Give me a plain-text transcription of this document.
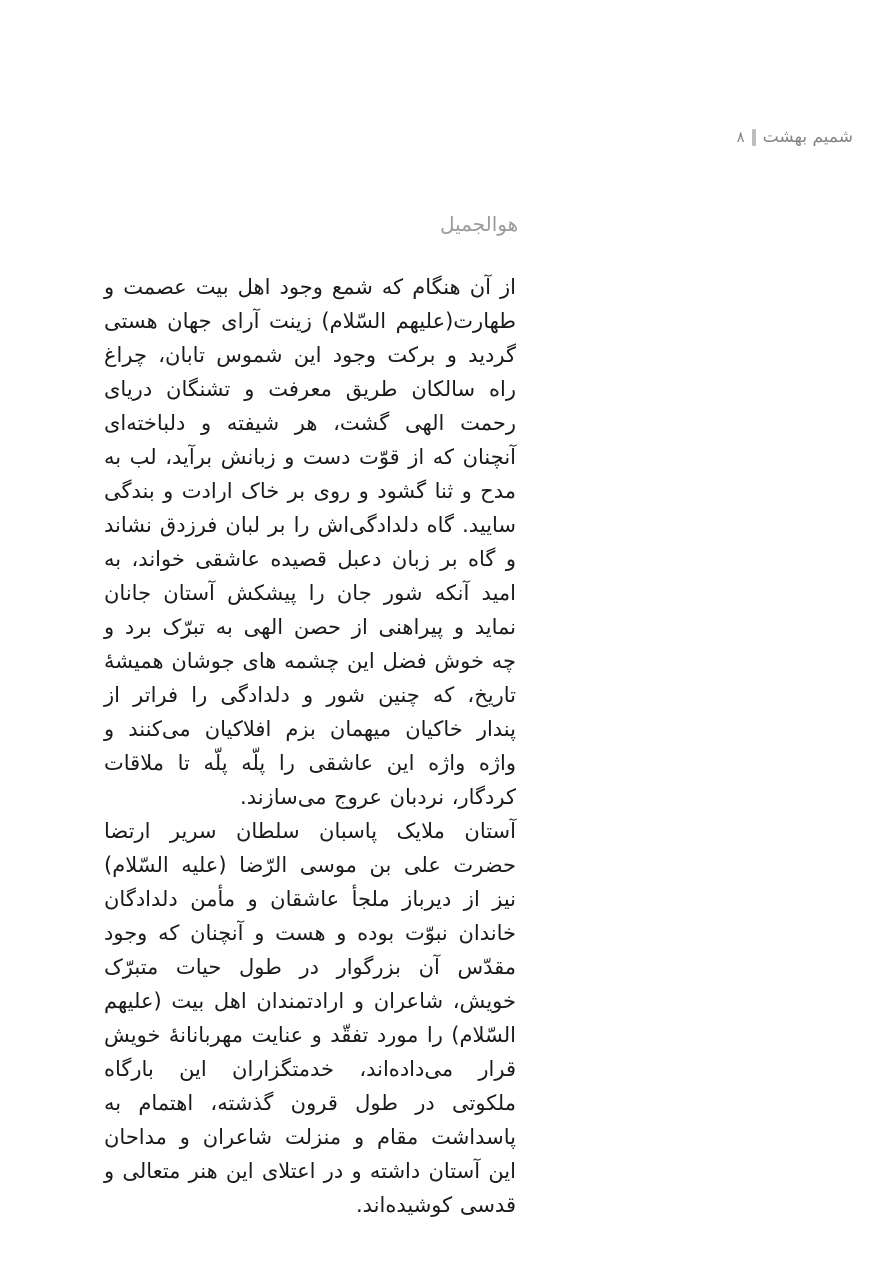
شمیم بهشت
۸
هوالجمیل

از آن هنگام که شمع وجود اهل بیت عصمت و طهارت(علیهم السّلام) زینت آرای جهان هستی گردید و برکت وجود این شموس تابان، چراغ راه سالکان طریق معرفت و تشنگان دریای رحمت الهی گشت، هر شیفته و دلباخته‌ای آنچنان که از قوّت دست و زبانش برآید، لب به مدح و ثنا گشود و روی بر خاک ارادت و بندگی سایید. گاه دلدادگی‌اش را بر لبان فرزدق نشاند و گاه بر زبان دعبل قصیده عاشقی خواند، به امید آنکه شور جان را پیشکش آستان جانان نماید و پیراهنی از حصن الهی به تبرّک برد و چه خوش فضل این چشمه های جوشان همیشهٔ تاریخ، که چنین شور و دلدادگی را فراتر از پندار خاکیان میهمان بزم افلاکیان می‌کنند و واژه واژه این عاشقی را پلّه پلّه تا ملاقات کردگار، نردبان عروج می‌سازند.

آستان ملایک پاسبان سلطان سریر ارتضا حضرت علی بن موسی الرّضا (علیه السّلام) نیز از دیرباز ملجأ عاشقان و مأمن دلدادگان خاندان نبوّت بوده و هست و آنچنان که وجود مقدّس آن بزرگوار در طول حیات متبرّک خویش، شاعران و ارادتمندان اهل بیت (علیهم السّلام) را مورد تفقّد و عنایت مهربانانهٔ خویش قرار می‌داده‌اند، خدمتگزاران این بارگاه ملکوتی در طول قرون گذشته، اهتمام به پاسداشت مقام و منزلت شاعران و مداحان این آستان داشته و در اعتلای این هنر متعالی و قدسی کوشیده‌اند.
